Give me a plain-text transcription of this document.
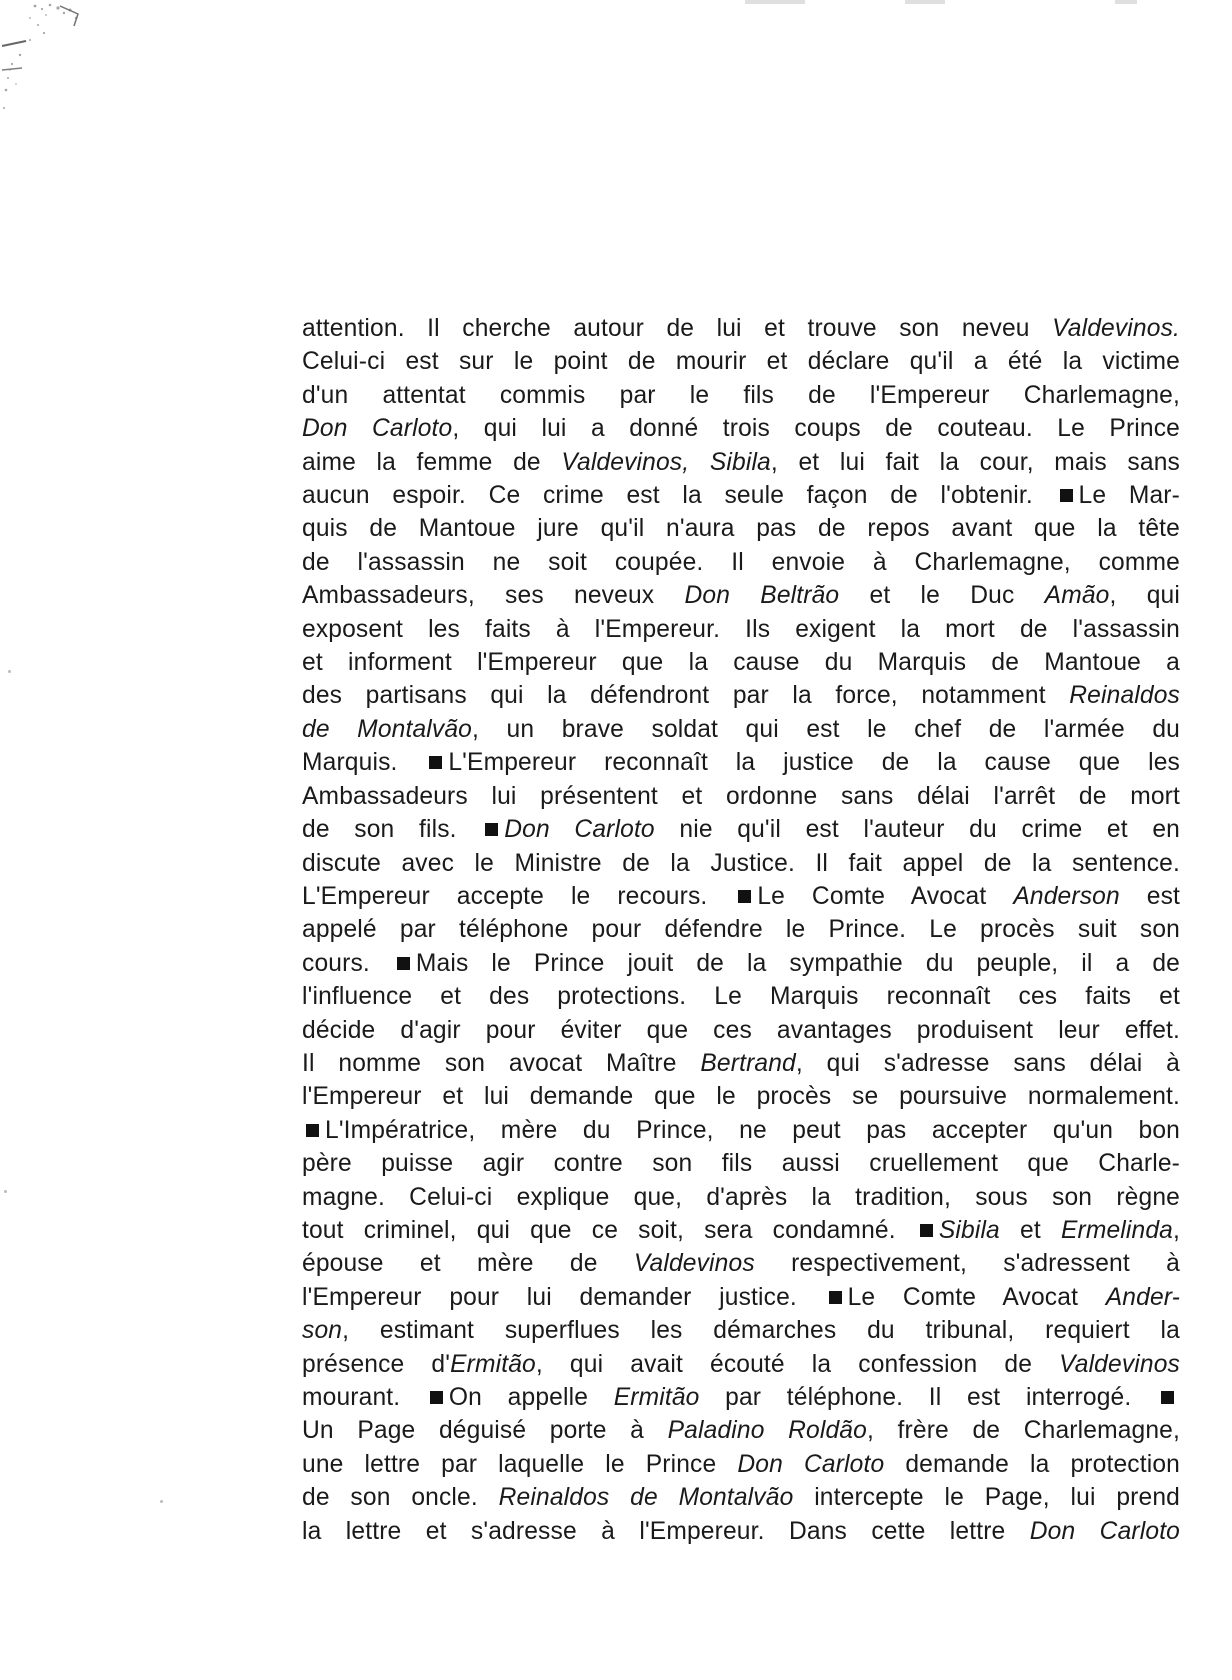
attention. Il cherche autour de lui et trouve son neveu Valdevinos.
Celui-ci est sur le point de mourir et déclare qu'il a été la victime
d'un attentat commis par le fils de l'Empereur Charlemagne,
Don Carloto, qui lui a donné trois coups de couteau. Le Prince
aime la femme de Valdevinos, Sibila, et lui fait la cour, mais sans
aucun espoir. Ce crime est la seule façon de l'obtenir. Le Mar-
quis de Mantoue jure qu'il n'aura pas de repos avant que la tête
de l'assassin ne soit coupée. Il envoie à Charlemagne, comme
Ambassadeurs, ses neveux Don Beltrão et le Duc Amão, qui
exposent les faits à l'Empereur. Ils exigent la mort de l'assassin
et informent l'Empereur que la cause du Marquis de Mantoue a
des partisans qui la défendront par la force, notamment Reinaldos
de Montalvão, un brave soldat qui est le chef de l'armée du
Marquis. L'Empereur reconnaît la justice de la cause que les
Ambassadeurs lui présentent et ordonne sans délai l'arrêt de mort
de son fils. Don Carloto nie qu'il est l'auteur du crime et en
discute avec le Ministre de la Justice. Il fait appel de la sentence.
L'Empereur accepte le recours. Le Comte Avocat Anderson est
appelé par téléphone pour défendre le Prince. Le procès suit son
cours. Mais le Prince jouit de la sympathie du peuple, il a de
l'influence et des protections. Le Marquis reconnaît ces faits et
décide d'agir pour éviter que ces avantages produisent leur effet.
Il nomme son avocat Maître Bertrand, qui s'adresse sans délai à
l'Empereur et lui demande que le procès se poursuive normalement.
L'Impératrice, mère du Prince, ne peut pas accepter qu'un bon
père puisse agir contre son fils aussi cruellement que Charle-
magne. Celui-ci explique que, d'après la tradition, sous son règne
tout criminel, qui que ce soit, sera condamné. Sibila et Ermelinda,
épouse et mère de Valdevinos respectivement, s'adressent à
l'Empereur pour lui demander justice. Le Comte Avocat Ander-
son, estimant superflues les démarches du tribunal, requiert la
présence d'Ermitão, qui avait écouté la confession de Valdevinos
mourant. On appelle Ermitão par téléphone. Il est interrogé.
Un Page déguisé porte à Paladino Roldão, frère de Charlemagne,
une lettre par laquelle le Prince Don Carloto demande la protection
de son oncle. Reinaldos de Montalvão intercepte le Page, lui prend
la lettre et s'adresse à l'Empereur. Dans cette lettre Don Carloto
